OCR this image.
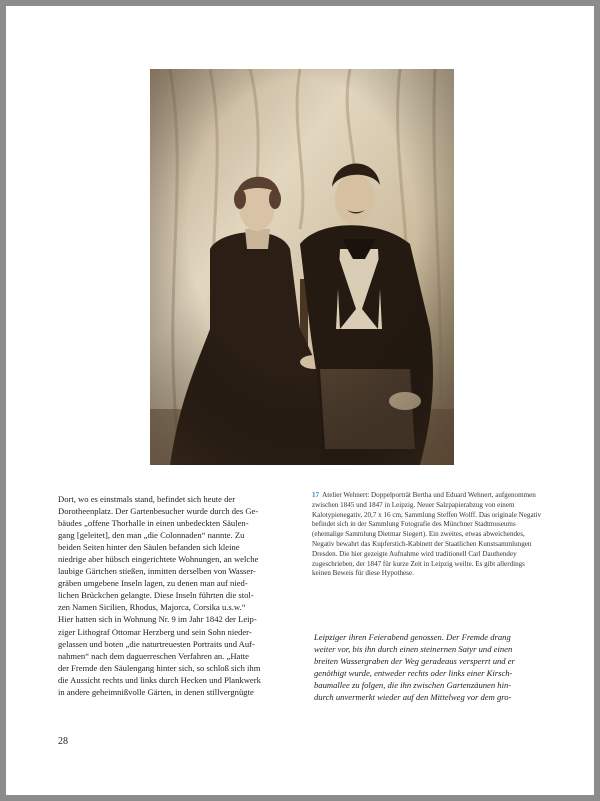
Dort, wo es einstmals stand, befindet sich heute der

Dorotheenplatz. Der Gartenbesucher wurde durch des Ge-

bäudes „offene Thorhalle in einen unbedeckten Säulen-

gang [geleitet], den man „die Colonnaden“ nannte. Zu

beiden Seiten hinter den Säulen befanden sich kleine

niedrige aber hübsch eingerichtete Wohnungen, an welche

laubige Gärtchen stießen, inmitten derselben von Wasser-

gräben umgebene Inseln lagen, zu denen man auf nied-

lichen Brückchen gelangte. Diese Inseln führten die stol-

zen Namen Sicilien, Rhodus, Majorca, Corsika u.s.w.“

Hier hatten sich in Wohnung Nr. 9 im Jahr 1842 der Leip-

ziger Lithograf Ottomar Herzberg und sein Sohn nieder-

gelassen und boten „die naturtreuesten Portraits und Auf-

nahmen“ nach dem daguerreschen Verfahren an. „Hatte

der Fremde den Säulengang hinter sich, so schloß sich ihm

die Aussicht rechts und links durch Hecken und Plankwerk

in andere geheimnißvolle Gärten, in denen stillvergnügte

17 Atelier Wehnert: Doppelporträt Bertha und Eduard Wehnert, aufgenommen zwischen 1845 und 1847 in Leipzig. Neuer Salzpapierabzug von einem Kalotypienegativ, 20,7 x 16 cm, Sammlung Steffen Wolff. Das originale Negativ befindet sich in der Sammlung Fotografie des Münchner Stadtmuseums (ehemalige Sammlung Dietmar Siegert). Ein zweites, etwas abweichendes, Negativ bewahrt das Kupferstich-Kabinett der Staatlichen Kunstsammlungen Dresden. Die hier gezeigte Aufnahme wird traditionell Carl Dauthendey zugeschrieben, der 1847 für kurze Zeit in Leipzig weilte. Es gibt allerdings keinen Beweis für diese Hypothese.

Leipziger ihren Feierabend genossen. Der Fremde drang

weiter vor, bis ihn durch einen steinernen Satyr und einen

breiten Wassergraben der Weg geradeaus versperrt und er

genöthigt wurde, entweder rechts oder links einer Kirsch-

baumallee zu folgen, die ihn zwischen Gartenzäunen hin-

durch unvermerkt wieder auf den Mittelweg vor dem gro-

28
